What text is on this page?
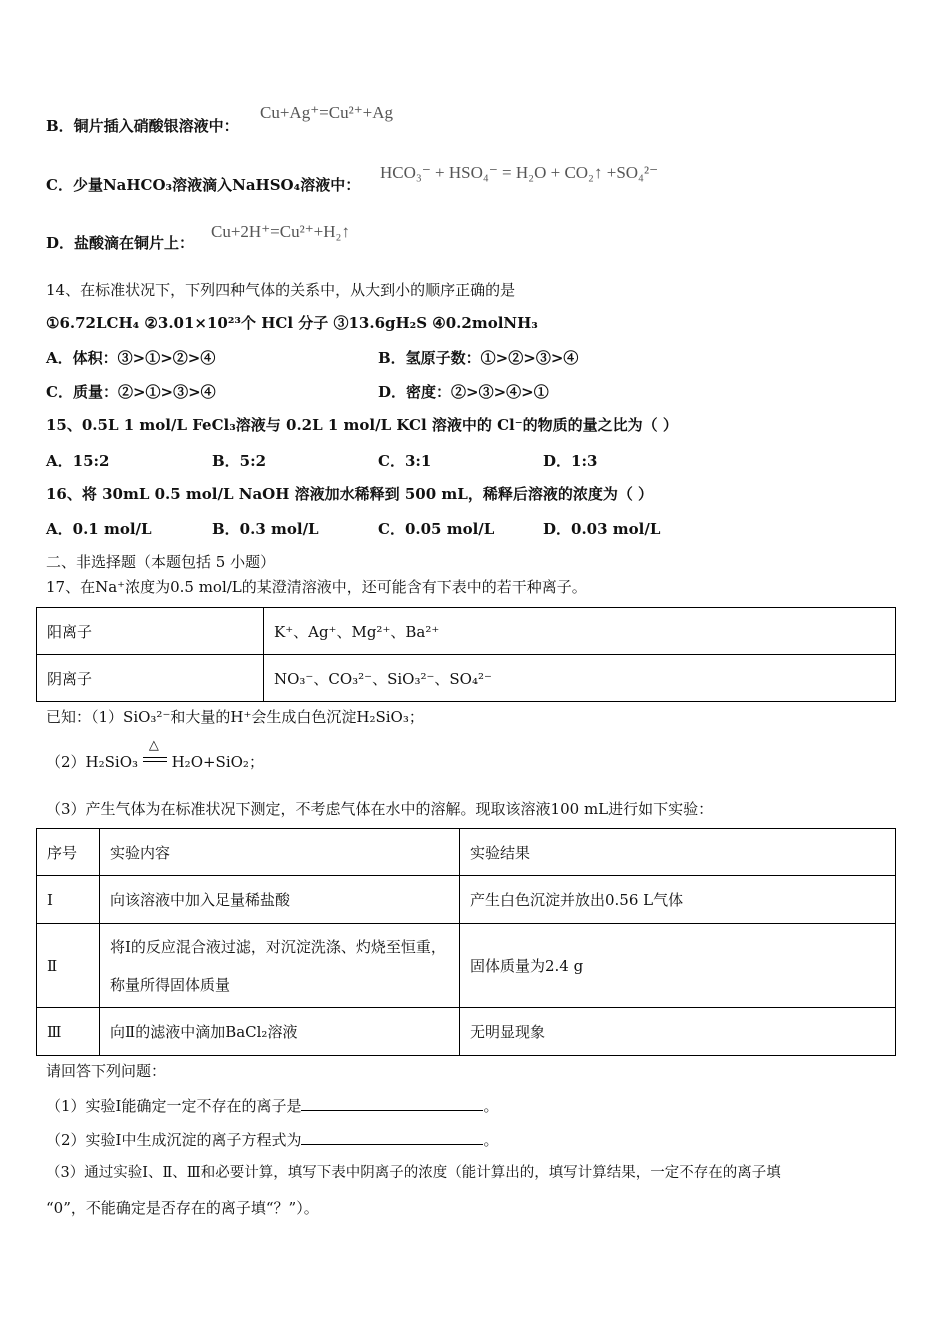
B．铜片插入硝酸银溶液中：
Cu+Ag⁺=Cu²⁺+Ag
C．少量NaHCO₃溶液滴入NaHSO₄溶液中：
HCO₃⁻ + HSO₄⁻ = H₂O + CO₂↑ +SO₄²⁻
D．盐酸滴在铜片上：
Cu+2H⁺=Cu²⁺+H₂↑
14、在标准状况下，下列四种气体的关系中，从大到小的顺序正确的是
①6.72LCH₄ ②3.01×10²³个 HCl 分子 ③13.6gH₂S ④0.2molNH₃
A．体积：③>①>②>④	B．氢原子数：①>②>③>④
C．质量：②>①>③>④	D．密度：②>③>④>①
15、0.5L 1 mol/L FeCl₃溶液与 0.2L 1 mol/L KCl 溶液中的 Cl⁻的物质的量之比为（ ）
A．15:2	B．5:2	C．3:1	D．1:3
16、将 30mL 0.5 mol/L NaOH 溶液加水稀释到 500 mL，稀释后溶液的浓度为（ ）
A．0.1 mol/L	B．0.3 mol/L	C．0.05 mol/L	D．0.03 mol/L
二、非选择题（本题包括 5 小题）
17、在Na⁺浓度为0.5 mol/L的某澄清溶液中，还可能含有下表中的若干种离子。
阳离子	K⁺、Ag⁺、Mg²⁺、Ba²⁺
阴离子	NO₃⁻、CO₃²⁻、SiO₃²⁻、SO₄²⁻
已知：（1）SiO₃²⁻和大量的H⁺会生成白色沉淀H₂SiO₃；
（2）H₂SiO₃
△
H₂O+SiO₂；
（3）产生气体为在标准状况下测定，不考虑气体在水中的溶解。现取该溶液100 mL进行如下实验：
序号	实验内容	实验结果
Ⅰ	向该溶液中加入足量稀盐酸	产生白色沉淀并放出0.56 L气体
Ⅱ	将Ⅰ的反应混合液过滤，对沉淀洗涤、灼烧至恒重，称量所得固体质量	固体质量为2.4 g
Ⅲ	向Ⅱ的滤液中滴加BaCl₂溶液	无明显现象
请回答下列问题：
（1）实验Ⅰ能确定一定不存在的离子是	。
（2）实验Ⅰ中生成沉淀的离子方程式为	。
（3）通过实验Ⅰ、Ⅱ、Ⅲ和必要计算，填写下表中阴离子的浓度（能计算出的，填写计算结果，一定不存在的离子填
“0”，不能确定是否存在的离子填“？”）。
